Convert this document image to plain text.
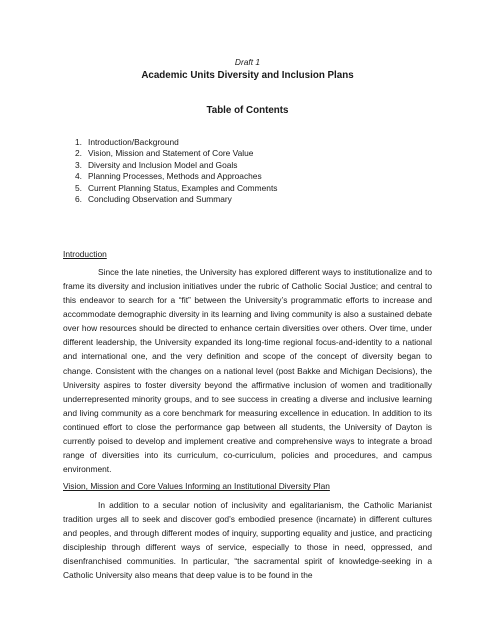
Draft 1
Academic Units Diversity and Inclusion Plans
Table of Contents
1. Introduction/Background
2. Vision, Mission and Statement of Core Value
3. Diversity and Inclusion Model and Goals
4. Planning Processes, Methods and Approaches
5. Current Planning Status, Examples and Comments
6. Concluding Observation and Summary
Introduction

Since the late nineties, the University has explored different ways to institutionalize and to frame its diversity and inclusion initiatives under the rubric of Catholic Social Justice; and central to this endeavor to search for a “fit” between the University’s programmatic efforts to increase and accommodate demographic diversity in its learning and living community is also a sustained debate over how resources should be directed to enhance certain diversities over others. Over time, under different leadership, the University expanded its long-time regional focus-and-identity to a national and international one, and the very definition and scope of the concept of diversity began to change. Consistent with the changes on a national level (post Bakke and Michigan Decisions), the University aspires to foster diversity beyond the affirmative inclusion of women and traditionally underrepresented minority groups, and to see success in creating a diverse and inclusive learning and living community as a core benchmark for measuring excellence in education. In addition to its continued effort to close the performance gap between all students, the University of Dayton is currently poised to develop and implement creative and comprehensive ways to integrate a broad range of diversities into its curriculum, co-curriculum, policies and procedures, and campus environment.

Vision, Mission and Core Values Informing an Institutional Diversity Plan

In addition to a secular notion of inclusivity and egalitarianism, the Catholic Marianist tradition urges all to seek and discover god’s embodied presence (incarnate) in different cultures and peoples, and through different modes of inquiry, supporting equality and justice, and practicing discipleship through different ways of service, especially to those in need, oppressed, and disenfranchised communities. In particular, “the sacramental spirit of knowledge-seeking in a Catholic University also means that deep value is to be found in the
